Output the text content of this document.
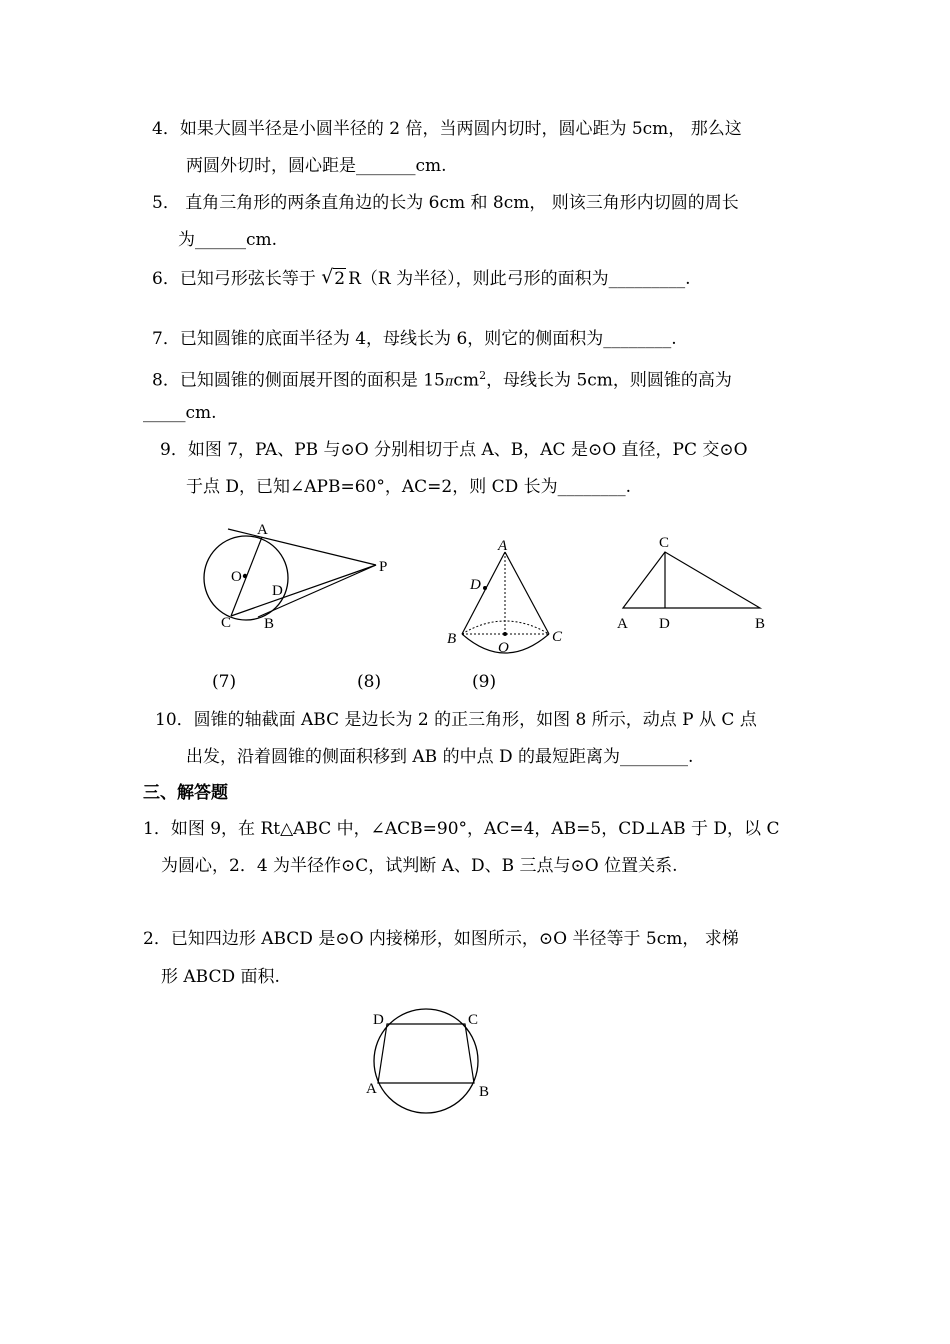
4．如果大圆半径是小圆半径的 2 倍，当两圆内切时，圆心距为 5cm， 那么这
两圆外切时，圆心距是_______cm.
5． 直角三角形的两条直角边的长为 6cm 和 8cm， 则该三角形内切圆的周长
为______cm.
6．已知弓形弦长等于 √ 2 R（R 为半径），则此弓形的面积为_________.
7．已知圆锥的底面半径为 4，母线长为 6，则它的侧面积为________.
8．已知圆锥的侧面展开图的面积是 15πcm$^2$，母线长为 5cm，则圆锥的高为
_____cm.
9．如图 7，PA、PB 与⊙O 分别相切于点 A、B，AC 是⊙O 直径，PC 交⊙O
于点 D，已知∠APB=60°，AC=2，则 CD 长为________.
A
O
P
D
C B
A
D
B	C
O
C
A D	B
(7)	(8)	(9)
10．圆锥的轴截面 ABC 是边长为 2 的正三角形，如图 8 所示，动点 P 从 C 点
出发，沿着圆锥的侧面积移到 AB 的中点 D 的最短距离为________.
三、解答题
1．如图 9，在 Rt△ABC 中，∠ACB=90°，AC=4，AB=5，CD⊥AB 于 D，以 C
为圆心，2．4 为半径作⊙C，试判断 A、D、B 三点与⊙O 位置关系.
2．已知四边形 ABCD 是⊙O 内接梯形，如图所示，⊙O 半径等于 5cm， 求梯
形 ABCD 面积.
D	C
A	B
